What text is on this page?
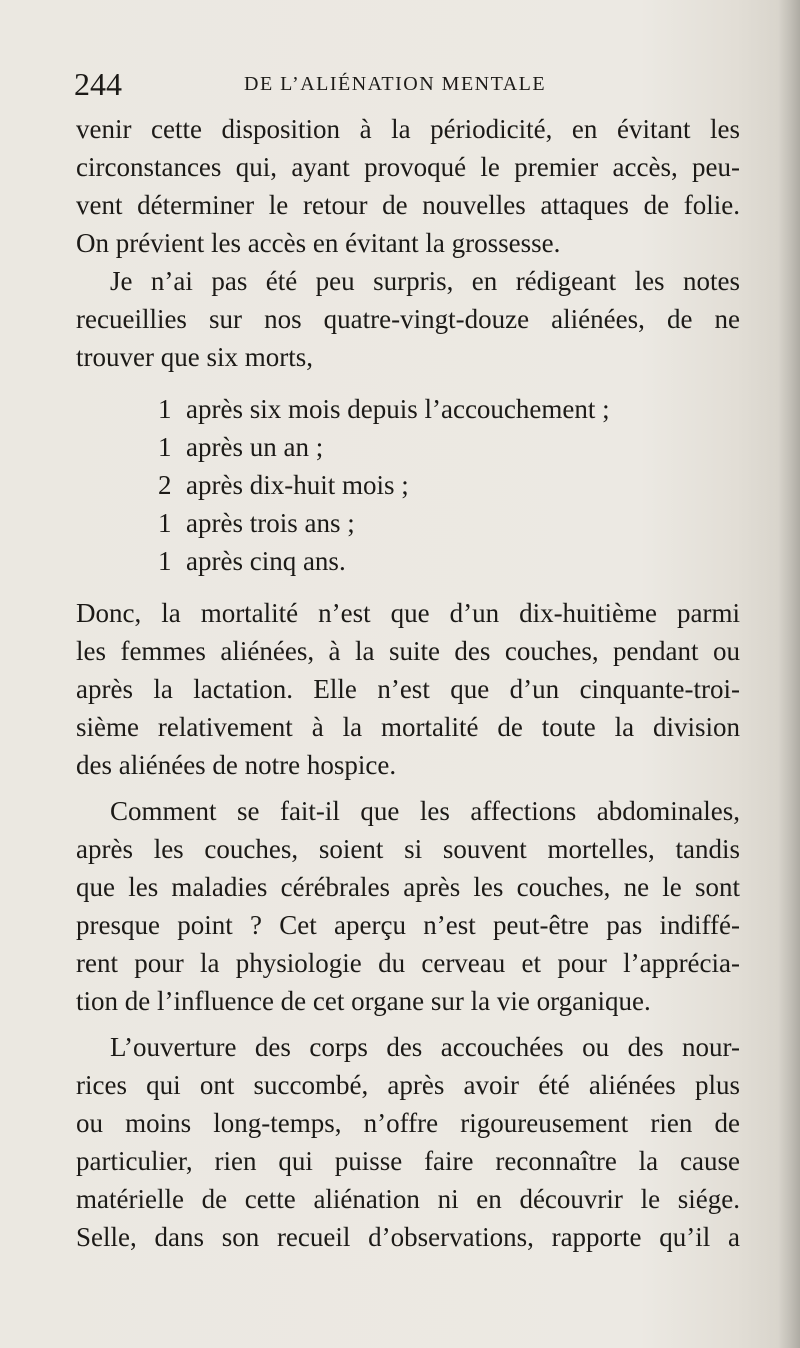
244	DE L’ALIÉNATION MENTALE
venir cette disposition à la périodicité, en évitant les
circonstances qui, ayant provoqué le premier accès, peu-
vent déterminer le retour de nouvelles attaques de folie.
On prévient les accès en évitant la grossesse.
Je n’ai pas été peu surpris, en rédigeant les notes
recueillies sur nos quatre-vingt-douze aliénées, de ne
trouver que six morts,
1 après six mois depuis l’accouchement ;
1 après un an ;
2 après dix-huit mois ;
1 après trois ans ;
1 après cinq ans.
Donc, la mortalité n’est que d’un dix-huitième parmi
les femmes aliénées, à la suite des couches, pendant ou
après la lactation. Elle n’est que d’un cinquante-troi-
sième relativement à la mortalité de toute la division
des aliénées de notre hospice.
Comment se fait-il que les affections abdominales,
après les couches, soient si souvent mortelles, tandis
que les maladies cérébrales après les couches, ne le sont
presque point ? Cet aperçu n’est peut-être pas indiffé-
rent pour la physiologie du cerveau et pour l’apprécia-
tion de l’influence de cet organe sur la vie organique.
L’ouverture des corps des accouchées ou des nour-
rices qui ont succombé, après avoir été aliénées plus
ou moins long-temps, n’offre rigoureusement rien de
particulier, rien qui puisse faire reconnaître la cause
matérielle de cette aliénation ni en découvrir le siége.
Selle, dans son recueil d’observations, rapporte qu’il a
